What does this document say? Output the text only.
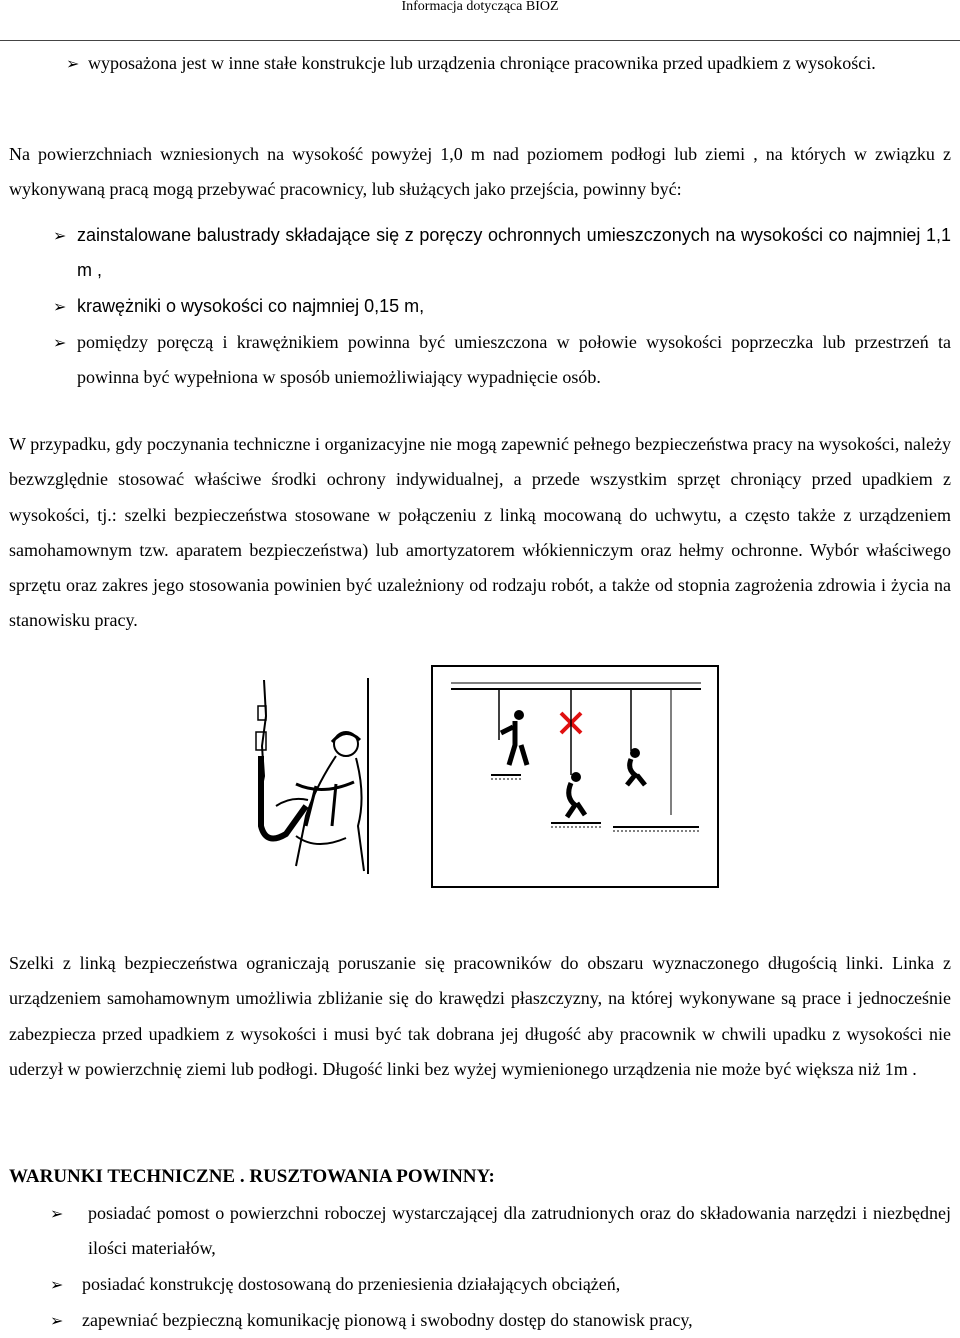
Informacja dotycząca BIOZ
➢ wyposażona jest w inne stałe konstrukcje lub urządzenia chroniące pracownika przed upadkiem z wysokości.

Na powierzchniach wzniesionych na wysokość powyżej 1,0 m nad poziomem podłogi lub ziemi , na których w związku z wykonywaną pracą mogą przebywać pracownicy, lub służących jako przejścia, powinny być:

➢ zainstalowane balustrady składające się z poręczy ochronnych umieszczonych na wysokości co najmniej 1,1 m ,

➢ krawężniki o wysokości co najmniej 0,15 m,

➢ pomiędzy poręczą i krawężnikiem powinna być umieszczona w połowie wysokości poprzeczka lub przestrzeń ta powinna być wypełniona w sposób uniemożliwiający wypadnięcie osób.

W przypadku, gdy poczynania techniczne i organizacyjne nie mogą zapewnić pełnego bezpieczeństwa pracy na wysokości, należy bezwzględnie stosować właściwe środki ochrony indywidualnej, a przede wszystkim sprzęt chroniący przed upadkiem z wysokości, tj.: szelki bezpieczeństwa stosowane w połączeniu z linką mocowaną do uchwytu, a często także z urządzeniem samohamownym tzw. aparatem bezpieczeństwa) lub amortyzatorem włókienniczym oraz hełmy ochronne. Wybór właściwego sprzętu oraz zakres jego stosowania powinien być uzależniony od rodzaju robót, a także od stopnia zagrożenia zdrowia i życia na stanowisku pracy.

Szelki z linką bezpieczeństwa ograniczają poruszanie się pracowników do obszaru wyznaczonego długością linki. Linka z urządzeniem samohamownym umożliwia zbliżanie się do krawędzi płaszczyzny, na której wykonywane są prace i jednocześnie zabezpiecza przed upadkiem z wysokości i musi być tak dobrana jej długość aby pracownik w chwili upadku z wysokości nie uderzył w powierzchnię ziemi lub podłogi. Długość linki bez wyżej wymienionego urządzenia nie może być większa niż 1m .

WARUNKI TECHNICZNE . RUSZTOWANIA POWINNY:

➢ posiadać pomost o powierzchni roboczej wystarczającej dla zatrudnionych oraz do składowania narzędzi i niezbędnej ilości materiałów,

➢ posiadać konstrukcję dostosowaną do przeniesienia działających obciążeń,

➢ zapewniać bezpieczną komunikację pionową i swobodny dostęp do stanowisk pracy,
